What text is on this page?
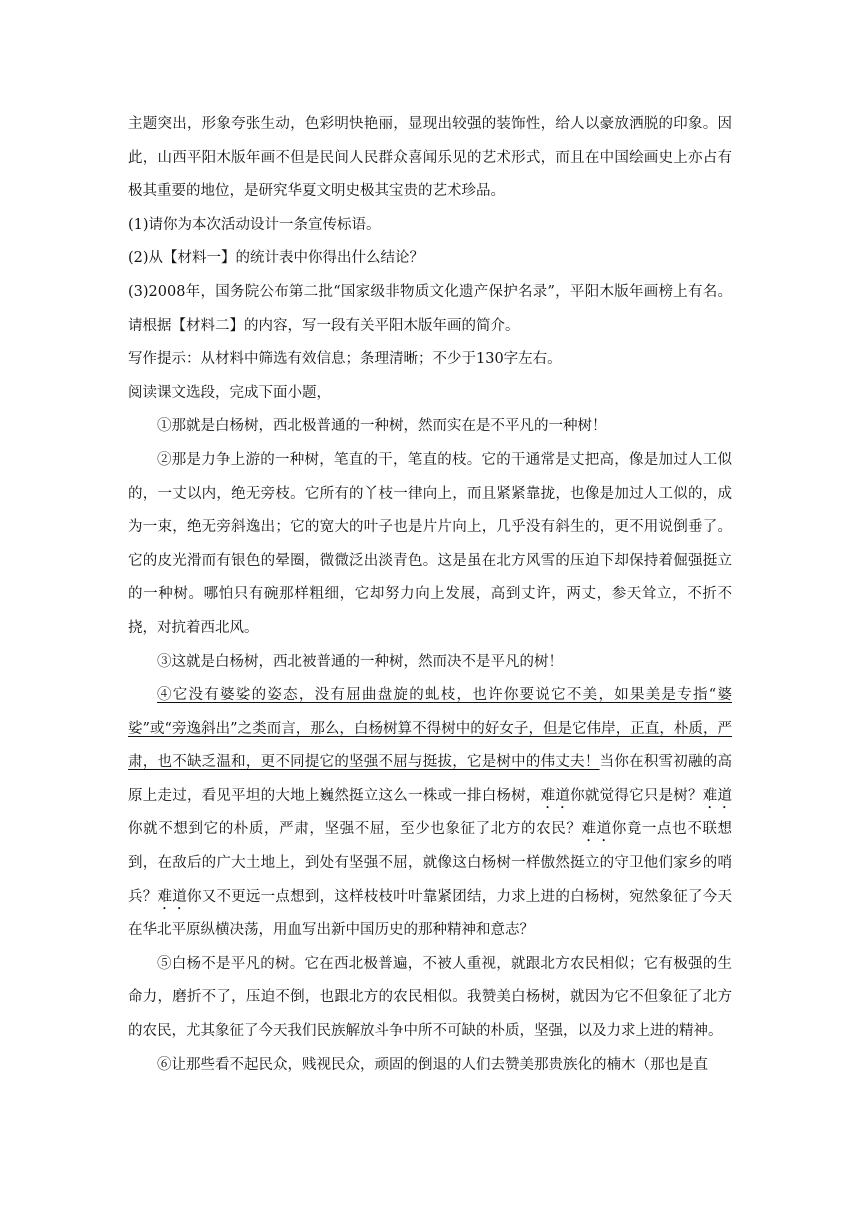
主题突出，形象夸张生动，色彩明快艳丽，显现出较强的装饰性，给人以豪放洒脱的印象。因此，山西平阳木版年画不但是民间人民群众喜闻乐见的艺术形式，而且在中国绘画史上亦占有极其重要的地位，是研究华夏文明史极其宝贵的艺术珍品。

(1)请你为本次活动设计一条宣传标语。

(2)从【材料一】的统计表中你得出什么结论？

(3)2008年，国务院公布第二批“国家级非物质文化遗产保护名录”，平阳木版年画榜上有名。请根据【材料二】的内容，写一段有关平阳木版年画的简介。

写作提示：从材料中筛选有效信息；条理清晰；不少于130字左右。

阅读课文选段，完成下面小题，

①那就是白杨树，西北极普通的一种树，然而实在是不平凡的一种树！

②那是力争上游的一种树，笔直的干，笔直的枝。它的干通常是丈把高，像是加过人工似的，一丈以内，绝无旁枝。它所有的丫枝一律向上，而且紧紧靠拢，也像是加过人工似的，成为一束，绝无旁斜逸出；它的宽大的叶子也是片片向上，几乎没有斜生的，更不用说倒垂了。它的皮光滑而有银色的晕圈，微微泛出淡青色。这是虽在北方风雪的压迫下却保持着倔强挺立的一种树。哪怕只有碗那样粗细，它却努力向上发展，高到丈许，两丈，参天耸立，不折不挠，对抗着西北风。

③这就是白杨树，西北被普通的一种树，然而决不是平凡的树！

④它没有婆娑的姿态，没有屈曲盘旋的虬枝，也许你要说它不美，如果美是专指“婆娑”或“旁逸斜出”之类而言，那么，白杨树算不得树中的好女子，但是它伟岸，正直，朴质，严肃，也不缺乏温和，更不同提它的坚强不屈与挺拔，它是树中的伟丈夫！当你在积雪初融的高原上走过，看见平坦的大地上巍然挺立这么一株或一排白杨树，难道你就觉得它只是树？难道你就不想到它的朴质，严肃，坚强不屈，至少也象征了北方的农民？难道你竟一点也不联想到，在敌后的广大土地上，到处有坚强不屈，就像这白杨树一样傲然挺立的守卫他们家乡的哨兵？难道你又不更远一点想到，这样枝枝叶叶靠紧团结，力求上进的白杨树，宛然象征了今天在华北平原纵横决荡，用血写出新中国历史的那种精神和意志？

⑤白杨不是平凡的树。它在西北极普遍，不被人重视，就跟北方农民相似；它有极强的生命力，磨折不了，压迫不倒，也跟北方的农民相似。我赞美白杨树，就因为它不但象征了北方的农民，尤其象征了今天我们民族解放斗争中所不可缺的朴质，坚强，以及力求上进的精神。

⑥让那些看不起民众，贱视民众，顽固的倒退的人们去赞美那贵族化的楠木（那也是直
